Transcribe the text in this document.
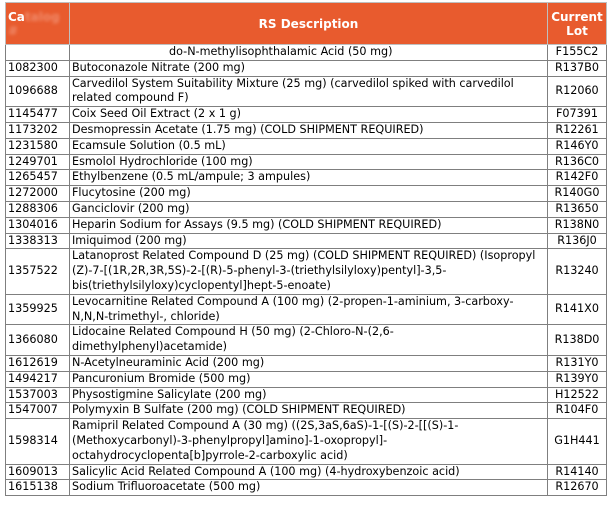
Catalog #	RS Description	Current Lot

	do-N-methylisophthalamic Acid (50 mg)	F155C2
1082300	Butoconazole Nitrate (200 mg)	R137B0
1096688	Carvedilol System Suitability Mixture (25 mg) (carvedilol spiked with carvedilol related compound F)	R12060
1145477	Coix Seed Oil Extract (2 x 1 g)	F07391
1173202	Desmopressin Acetate (1.75 mg) (COLD SHIPMENT REQUIRED)	R12261
1231580	Ecamsule Solution (0.5 mL)	R146Y0
1249701	Esmolol Hydrochloride (100 mg)	R136C0
1265457	Ethylbenzene (0.5 mL/ampule; 3 ampules)	R142F0
1272000	Flucytosine (200 mg)	R140G0
1288306	Ganciclovir (200 mg)	R13650
1304016	Heparin Sodium for Assays (9.5 mg) (COLD SHIPMENT REQUIRED)	R138N0
1338313	Imiquimod (200 mg)	R136J0
1357522	Latanoprost Related Compound D (25 mg) (COLD SHIPMENT REQUIRED) (Isopropyl (Z)-7-[(1R,2R,3R,5S)-2-[(R)-5-phenyl-3-(triethylsilyloxy)pentyl]-3,5-bis(triethylsilyloxy)cyclopentyl]hept-5-enoate)	R13240
1359925	Levocarnitine Related Compound A (100 mg) (2-propen-1-aminium, 3-carboxy-N,N,N-trimethyl-, chloride)	R141X0
1366080	Lidocaine Related Compound H (50 mg) (2-Chloro-N-(2,6-dimethylphenyl)acetamide)	R138D0
1612619	N-Acetylneuraminic Acid (200 mg)	R131Y0
1494217	Pancuronium Bromide (500 mg)	R139Y0
1537003	Physostigmine Salicylate (200 mg)	H12522
1547007	Polymyxin B Sulfate (200 mg) (COLD SHIPMENT REQUIRED)	R104F0
1598314	Ramipril Related Compound A (30 mg) ((2S,3aS,6aS)-1-[(S)-2-[[(S)-1-(Methoxycarbonyl)-3-phenylpropyl]amino]-1-oxopropyl]-octahydrocyclopenta[b]pyrrole-2-carboxylic acid)	G1H441
1609013	Salicylic Acid Related Compound A (100 mg) (4-hydroxybenzoic acid)	R14140
1615138	Sodium Trifluoroacetate (500 mg)	R12670
